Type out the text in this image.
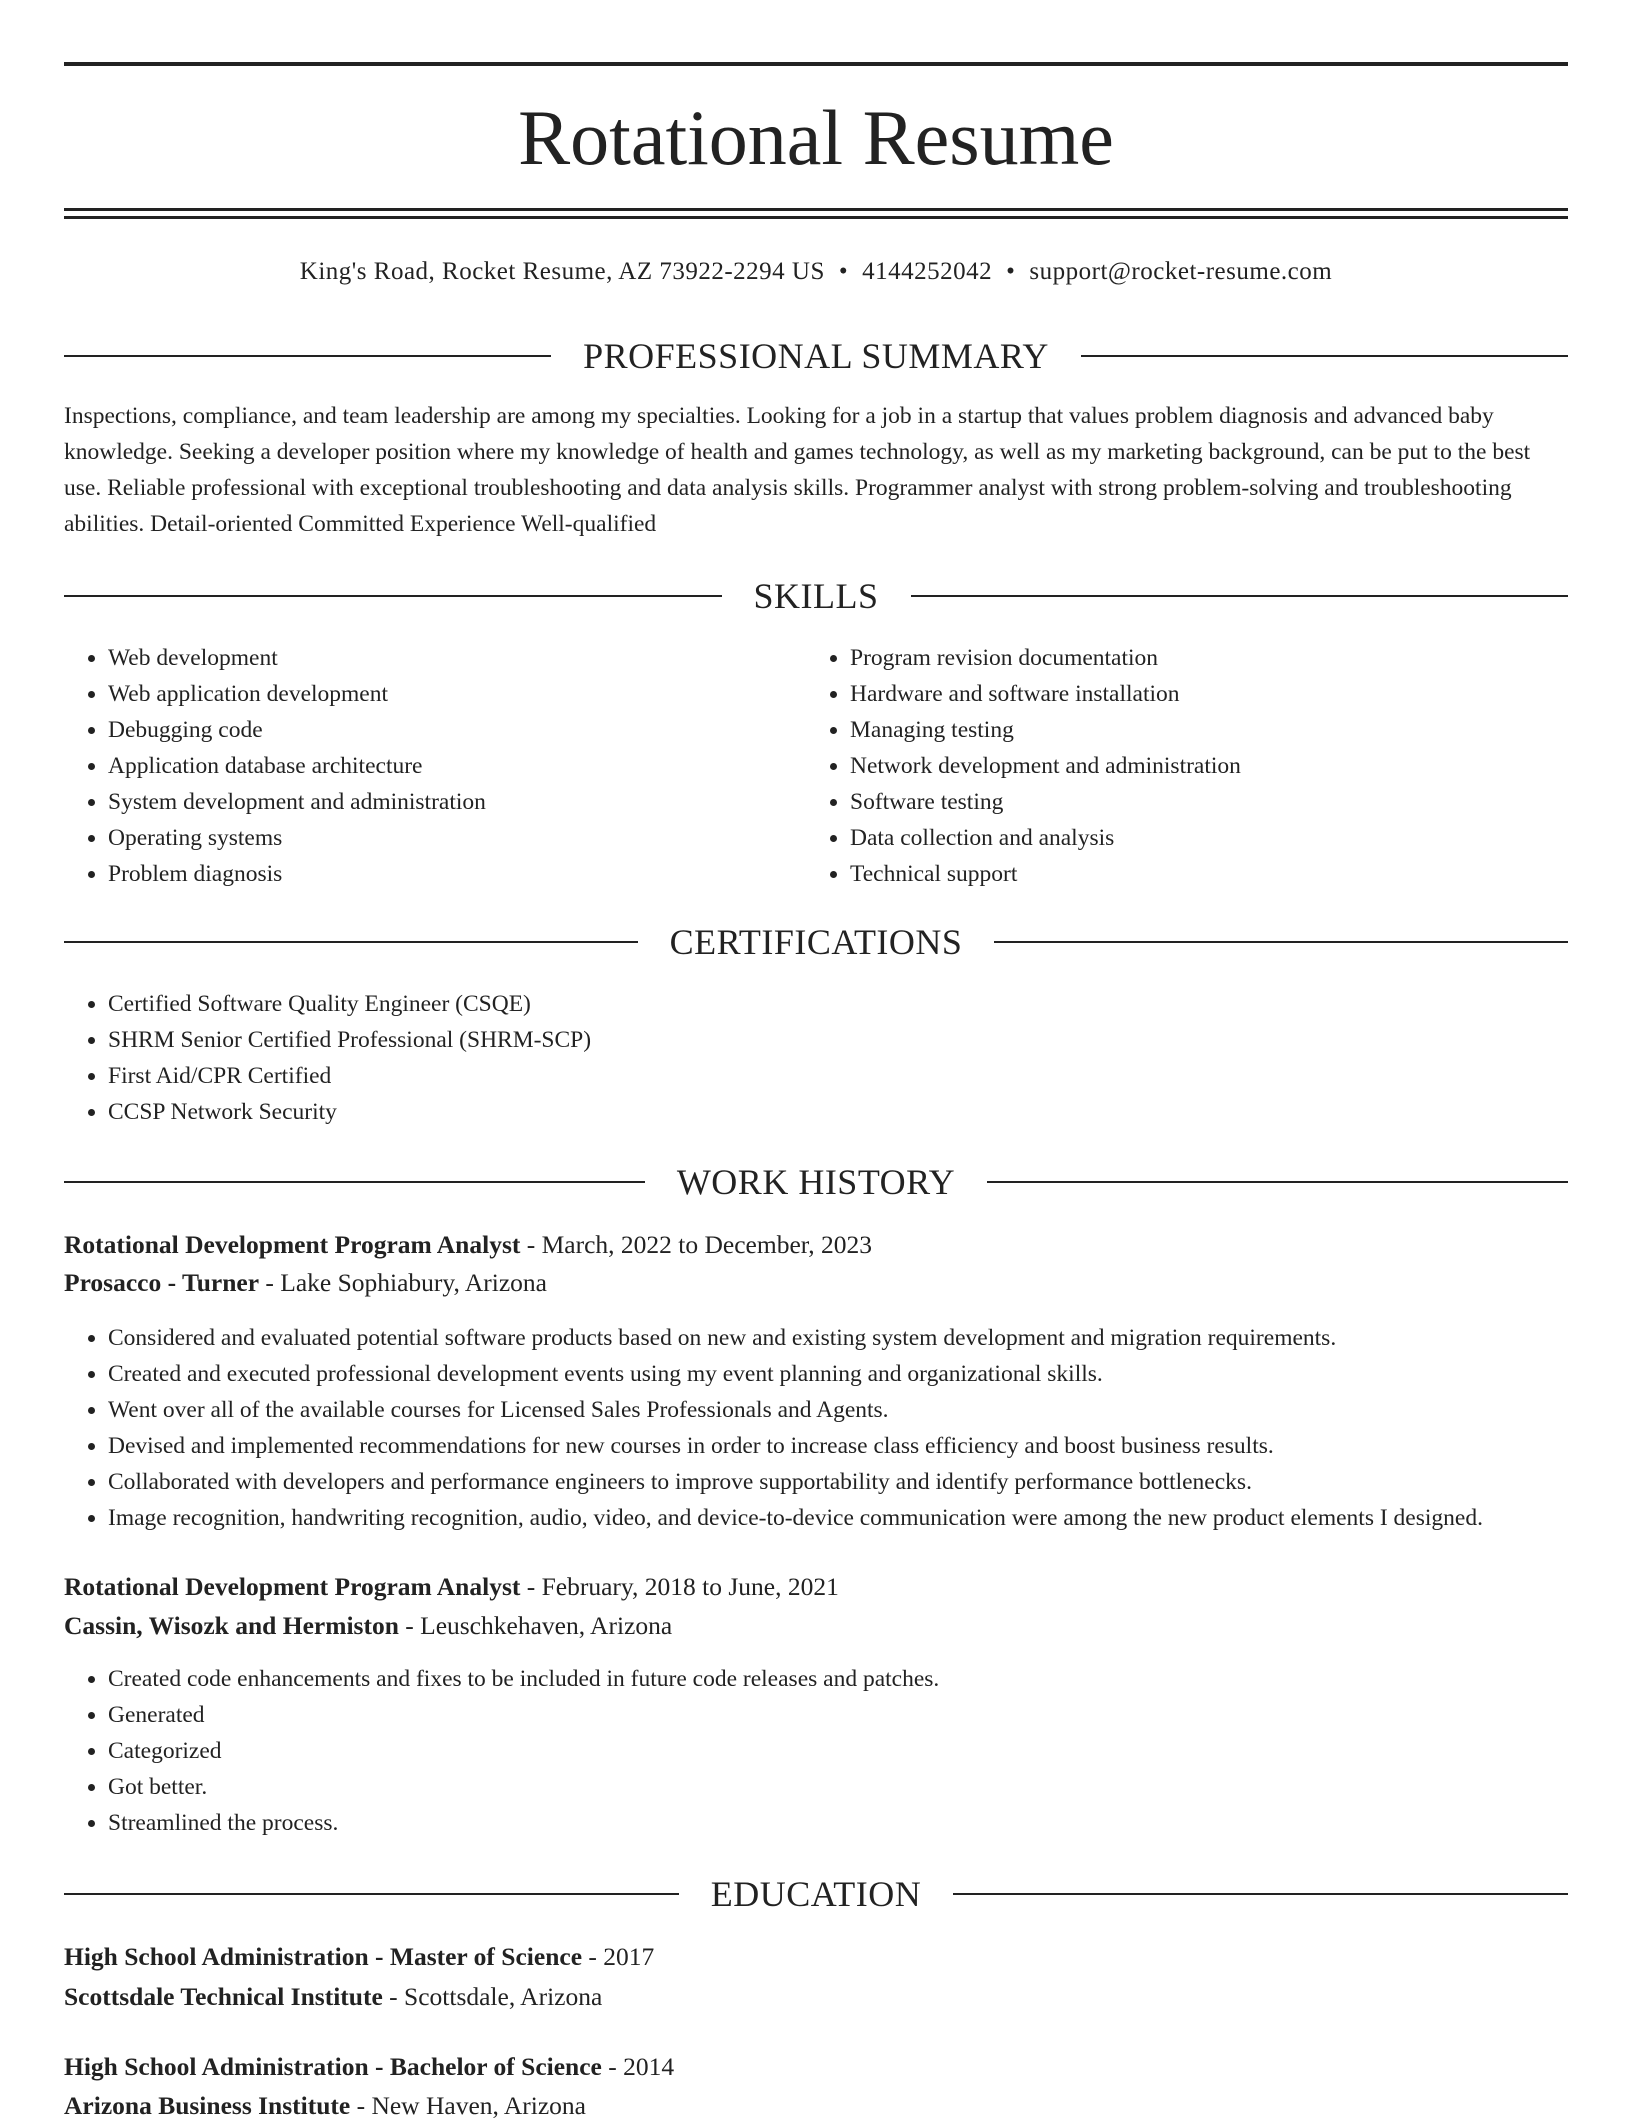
Rotational Resume
King's Road, Rocket Resume, AZ 73922-2294 US • 4144252042 • support@rocket-resume.com
PROFESSIONAL SUMMARY

Inspections, compliance, and team leadership are among my specialties. Looking for a job in a startup that values problem diagnosis and advanced baby knowledge. Seeking a developer position where my knowledge of health and games technology, as well as my marketing background, can be put to the best use. Reliable professional with exceptional troubleshooting and data analysis skills. Programmer analyst with strong problem-solving and troubleshooting abilities. Detail-oriented Committed Experience Well-qualified

SKILLS
• Web development
• Web application development
• Debugging code
• Application database architecture
• System development and administration
• Operating systems
• Problem diagnosis
• Program revision documentation
• Hardware and software installation
• Managing testing
• Network development and administration
• Software testing
• Data collection and analysis
• Technical support
CERTIFICATIONS
• Certified Software Quality Engineer (CSQE)
• SHRM Senior Certified Professional (SHRM-SCP)
• First Aid/CPR Certified
• CCSP Network Security
WORK HISTORY
Rotational Development Program Analyst - March, 2022 to December, 2023
Prosacco - Turner - Lake Sophiabury, Arizona
• Considered and evaluated potential software products based on new and existing system development and migration requirements.
• Created and executed professional development events using my event planning and organizational skills.
• Went over all of the available courses for Licensed Sales Professionals and Agents.
• Devised and implemented recommendations for new courses in order to increase class efficiency and boost business results.
• Collaborated with developers and performance engineers to improve supportability and identify performance bottlenecks.
• Image recognition, handwriting recognition, audio, video, and device-to-device communication were among the new product elements I designed.
Rotational Development Program Analyst - February, 2018 to June, 2021
Cassin, Wisozk and Hermiston - Leuschkehaven, Arizona
• Created code enhancements and fixes to be included in future code releases and patches.
• Generated
• Categorized
• Got better.
• Streamlined the process.
EDUCATION
High School Administration - Master of Science - 2017
Scottsdale Technical Institute - Scottsdale, Arizona
High School Administration - Bachelor of Science - 2014
Arizona Business Institute - New Haven, Arizona
